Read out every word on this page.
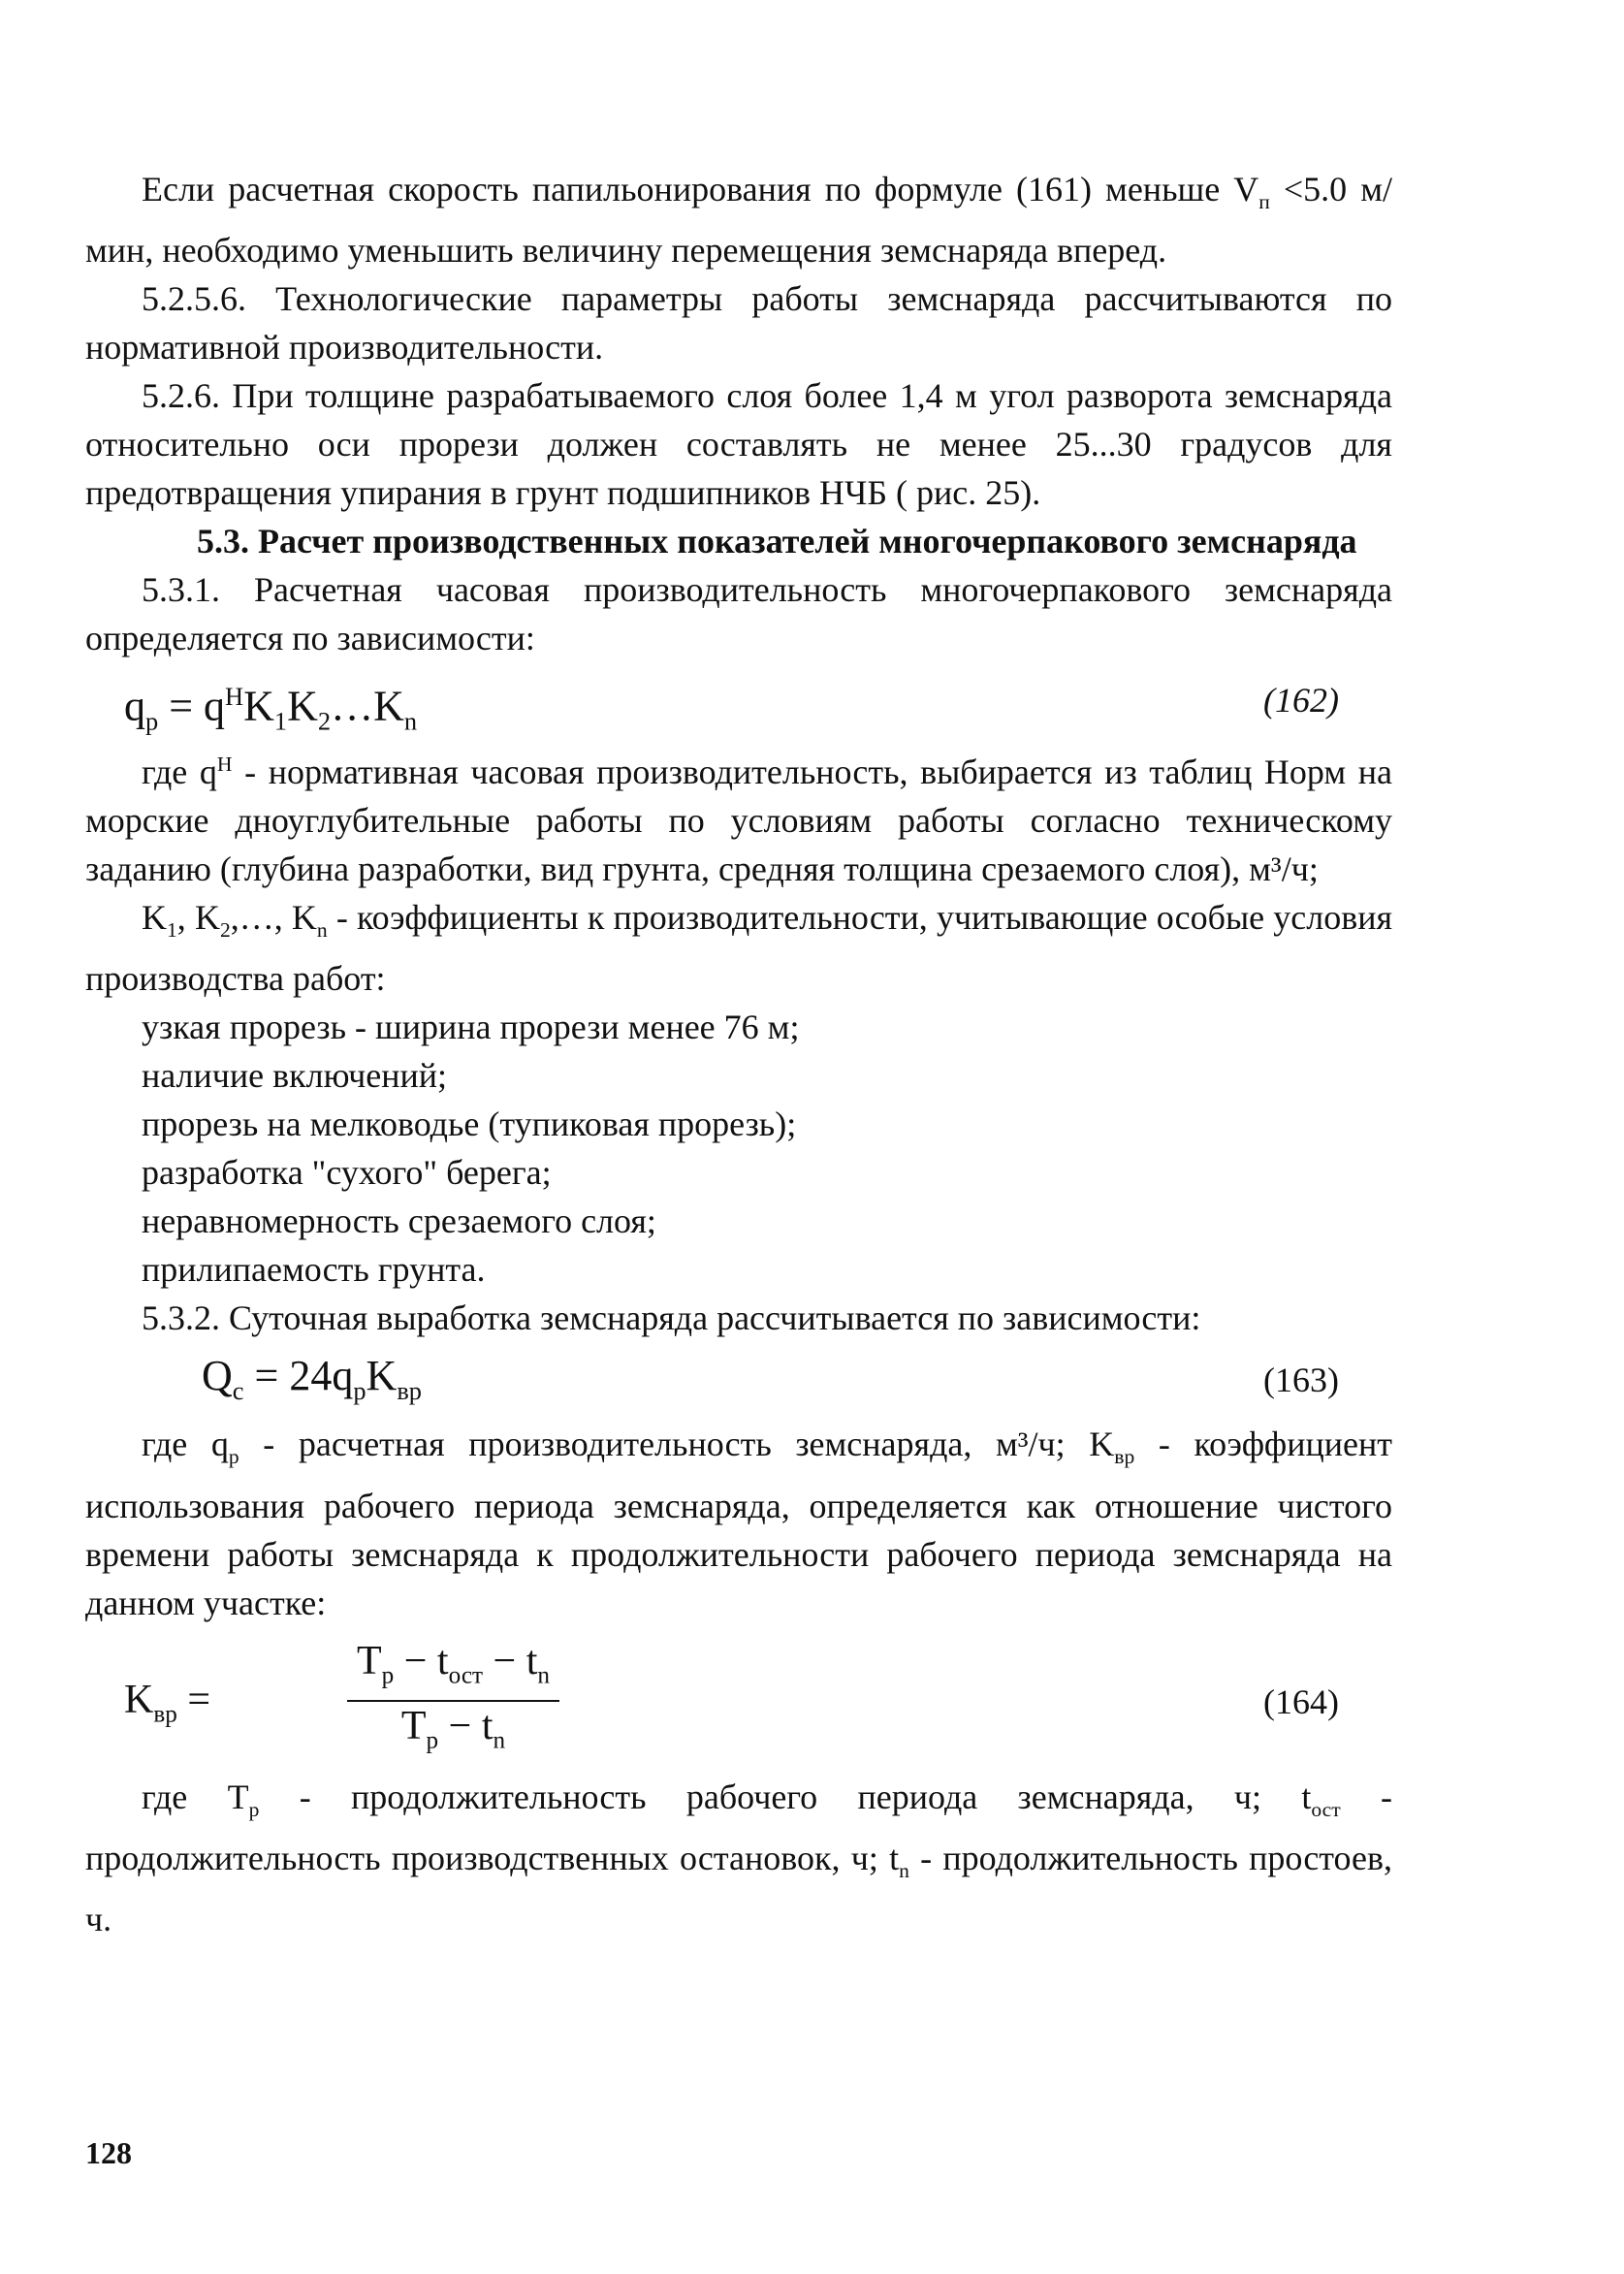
Если расчетная скорость папильонирования по формуле (161) меньше $V_п <5.0$ м/мин, необходимо уменьшить величину перемещения земснаряда вперед.

5.2.5.6. Технологические параметры работы земснаряда рассчитываются по нормативной производительности.

5.2.6. При толщине разрабатываемого слоя более 1,4 м угол разворота земснаряда относительно оси прорези должен составлять не менее 25...30 градусов для предотвращения упирания в грунт подшипников НЧБ ( рис. 25).

5.3. Расчет производственных показателей многочерпакового земснаряда

5.3.1. Расчетная часовая производительность многочерпакового земснаряда определяется по зависимости:

$q_p$ = $q^HK_1K_2\dots K_n$
(162)

где $q^H$ - нормативная часовая производительность, выбирается из таблиц Норм на морские дноуглубительные работы по условиям работы согласно техническому заданию (глубина разработки, вид грунта, средняя толщина срезаемого слоя), м³/ч;

$K_1$, $K_2,\dots$, $K_n$ - коэффициенты к производительности, учитывающие особые условия производства работ:

узкая прорезь - ширина прорези менее 76 м;
наличие включений;
прорезь на мелководье (тупиковая прорезь);
разработка "сухого" берега;
неравномерность срезаемого слоя;
прилипаемость грунта.

5.3.2. Суточная выработка земснаряда рассчитывается по зависимости:

$Q_c = 24q_pK_{вр}$	(163)

где $q_p$ - расчетная производительность земснаряда, м³/ч; $K_{вр}$ - коэффициент использования рабочего периода земснаряда, определяется как отношение чистого времени работы земснаряда к продолжительности рабочего периода земснаряда на данном участке:

$K_{вр}$ =
$T_p - t_{ост} - t_n$
$T_p - t_n$
(164)

где $T_p$ - продолжительность рабочего периода земснаряда, ч; $t_{ост}$ - продолжительность производственных остановок, ч; $t_n$ - продолжительность простоев, ч.

128
